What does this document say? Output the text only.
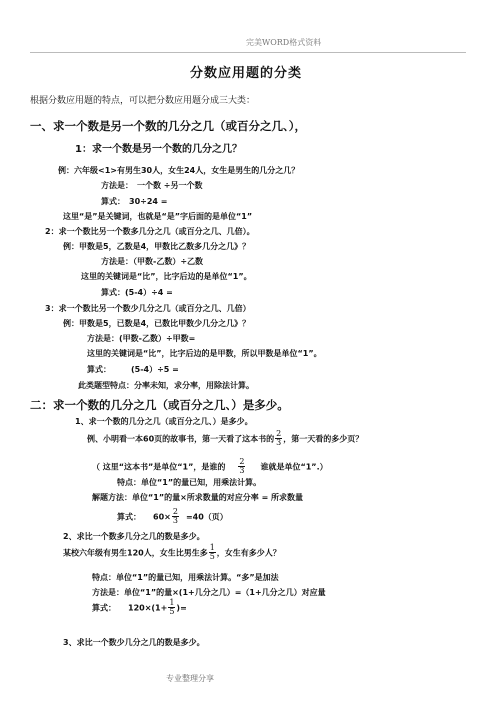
完美WORD格式资料
分数应用题的分类
根据分数应用题的特点，可以把分数应用题分成三大类：
一、求一个数是另一个数的几分之几（或百分之几、），
1：求一个数是另一个数的几分之几？
例：六年级<1>有男生30人，女生24人，女生是男生的几分之几？
方法是：　一个数 ÷另一个数
算式：　30÷24 =
这里“是”是关键词，也就是“是”字后面的是单位“1”
2：求一个数比另一个数多几分之几（或百分之几、几倍）。
例：甲数是5，乙数是4，甲数比乙数多几分之几》？
方法是：（甲数-乙数）÷乙数
这里的关键词是“比”，比字后边的是单位“1”。
算式：(5-4）÷4 =
3：求一个数比另一个数少几分之几（或百分之几、几倍）
例：甲数是5，已数是4，已数比甲数少几分之几》？
方法是：(甲数-乙数）÷甲数=
这里的关键词是“比”，比字后边的是甲数，所以甲数是单位“1”。
算式：　　　(5-4）÷5 =
此类题型特点：分率未知，求分率，用除法计算。
二：求一个数的几分之几（或百分之几、）是多少。
1、求一个数的几分之几（或百分之几、）是多少。
例、小明看一本60页的故事书，第一天看了这本书的 $\frac{2}{3}$ ，第一天看的多少页？
（ 这里“这本书”是单位“1”，是谁的 $\frac{2}{3}$ 谁就是单位“1”.）
特点：单位“1”的量已知，用乘法计算。
解题方法：单位“1”的量×所求数量的对应分率 = 所求数量
算式：　　$60\times \frac{2}{3} =40$（页）
2、求比一个数多几分之几的数是多少。
某校六年级有男生120人，女生比男生多 $\frac{1}{5}$ ，女生有多少人？
特点：单位“1”的量已知，用乘法计算。“多”是加法
方法是：单位“1”的量×(1+几分之几）=（1+几分之几）对应量
算式：　　$120\times(1+ \frac{1}{5}$ )=
3、求比一个数少几分之几的数是多少。
专业整理分享
